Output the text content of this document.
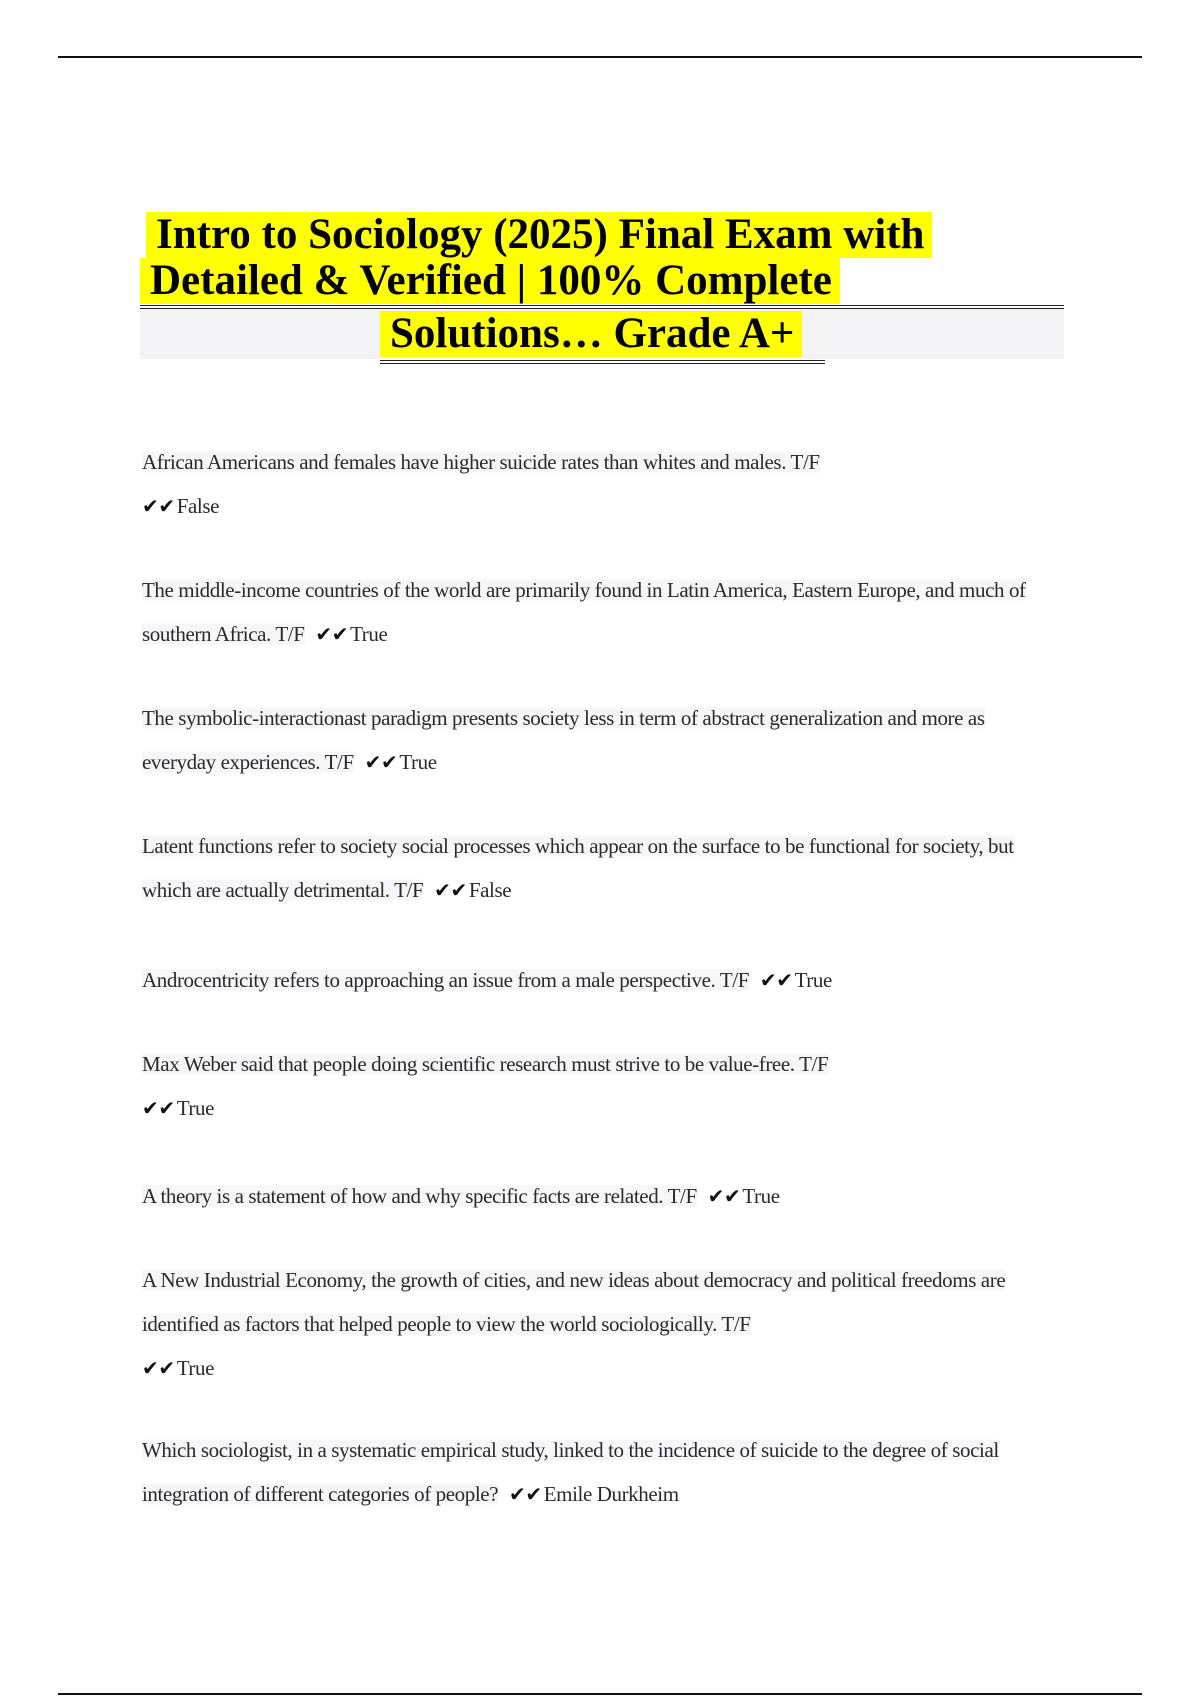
Intro to Sociology (2025) Final Exam with
Detailed & Verified | 100% Complete
Solutions… Grade A+
African Americans and females have higher suicide rates than whites and males. T/F
✔✔False
The middle-income countries of the world are primarily found in Latin America, Eastern Europe, and much of southern Africa. T/F ✔✔True
The symbolic-interactionast paradigm presents society less in term of abstract generalization and more as everyday experiences. T/F ✔✔True
Latent functions refer to society social processes which appear on the surface to be functional for society, but which are actually detrimental. T/F ✔✔False
Androcentricity refers to approaching an issue from a male perspective. T/F ✔✔True
Max Weber said that people doing scientific research must strive to be value-free. T/F
✔✔True
A theory is a statement of how and why specific facts are related. T/F ✔✔True
A New Industrial Economy, the growth of cities, and new ideas about democracy and political freedoms are identified as factors that helped people to view the world sociologically. T/F
✔✔True
Which sociologist, in a systematic empirical study, linked to the incidence of suicide to the degree of social integration of different categories of people? ✔✔Emile Durkheim
